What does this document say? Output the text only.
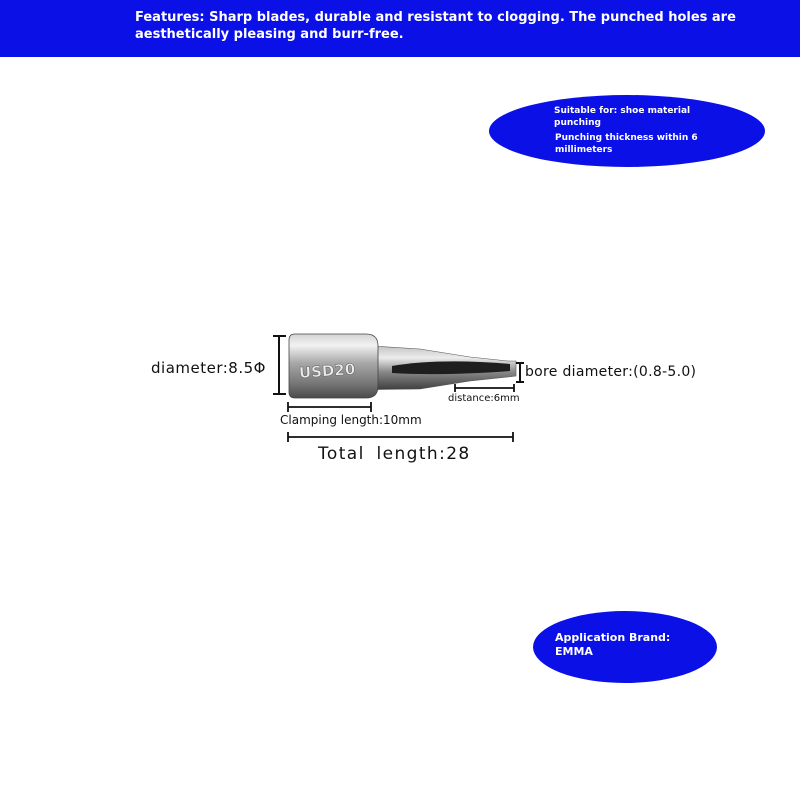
Features: Sharp blades, durable and resistant to clogging. The punched holes are aesthetically pleasing and burr-free.
Suitable for: shoe material punching
Punching thickness within 6 millimeters
USD20
diameter:8.5Φ	bore diameter:(0.8-5.0)
distance:6mm
Clamping length:10mm
Total length:28
Application Brand: EMMA
